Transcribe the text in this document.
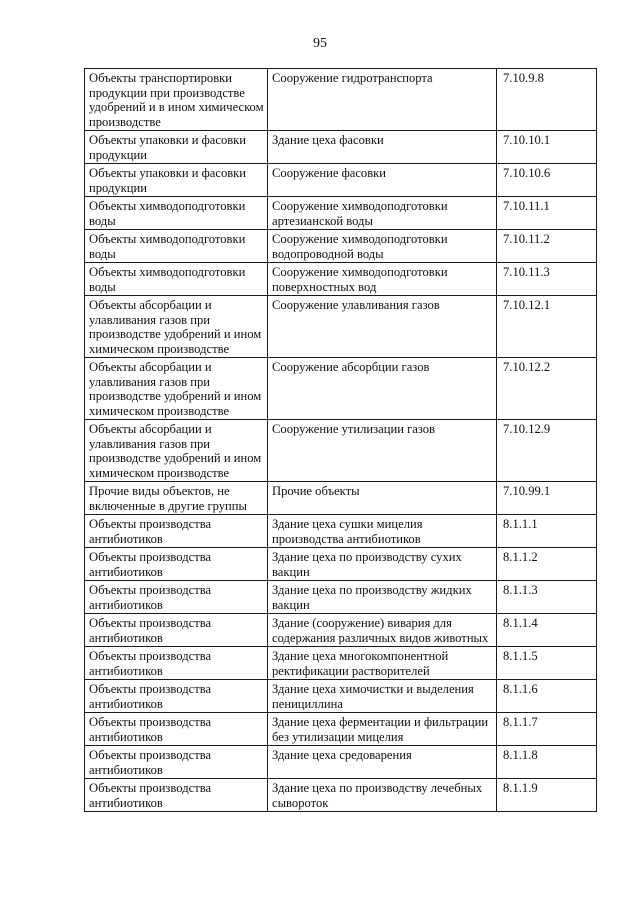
95
Объекты транспортировки продукции при производстве удобрений и в ином химическом производстве	Сооружение гидротранспорта	7.10.9.8
Объекты упаковки и фасовки продукции	Здание цеха фасовки	7.10.10.1
Объекты упаковки и фасовки продукции	Сооружение фасовки	7.10.10.6
Объекты химводоподготовки воды	Сооружение химводоподготовки артезианской воды	7.10.11.1
Объекты химводоподготовки воды	Сооружение химводоподготовки водопроводной воды	7.10.11.2
Объекты химводоподготовки воды	Сооружение химводоподготовки поверхностных вод	7.10.11.3
Объекты абсорбации и улавливания газов при производстве удобрений и ином химическом производстве	Сооружение улавливания газов	7.10.12.1
Объекты абсорбации и улавливания газов при производстве удобрений и ином химическом производстве	Сооружение абсорбции газов	7.10.12.2
Объекты абсорбации и улавливания газов при производстве удобрений и ином химическом производстве	Сооружение утилизации газов	7.10.12.9
Прочие виды объектов, не включенные в другие группы	Прочие объекты	7.10.99.1
Объекты производства антибиотиков	Здание цеха сушки мицелия производства антибиотиков	8.1.1.1
Объекты производства антибиотиков	Здание цеха по производству сухих вакцин	8.1.1.2
Объекты производства антибиотиков	Здание цеха по производству жидких вакцин	8.1.1.3
Объекты производства антибиотиков	Здание (сооружение) вивария для содержания различных видов животных	8.1.1.4
Объекты производства антибиотиков	Здание цеха многокомпонентной ректификации растворителей	8.1.1.5
Объекты производства антибиотиков	Здание цеха химочистки и выделения пенициллина	8.1.1.6
Объекты производства антибиотиков	Здание цеха ферментации и фильтрации без утилизации мицелия	8.1.1.7
Объекты производства антибиотиков	Здание цеха средоварения	8.1.1.8
Объекты производства антибиотиков	Здание цеха по производству лечебных сывороток	8.1.1.9
